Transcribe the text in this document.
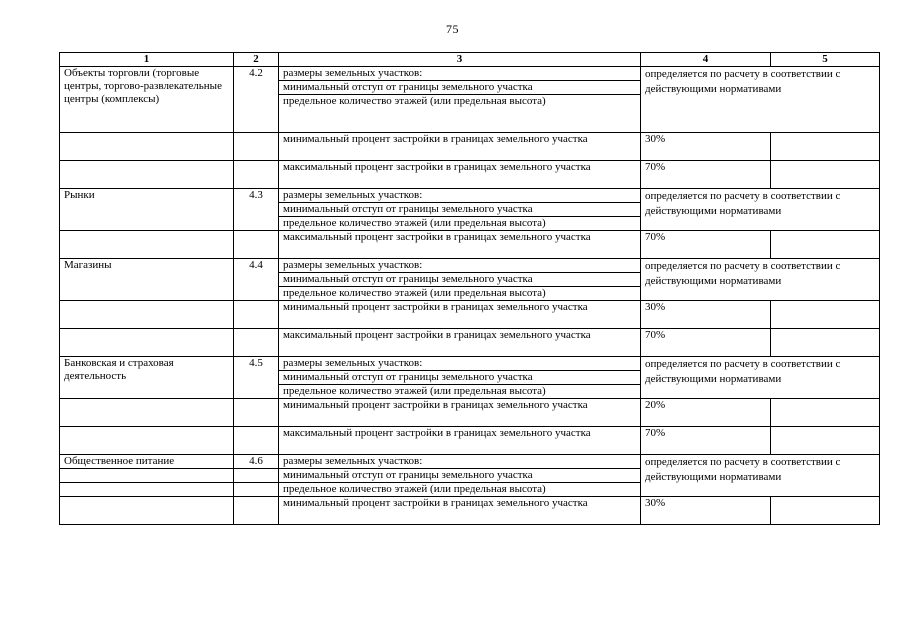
75
1	2	3	4	5
Объекты торговли (торговые центры, торгово-развлекательные центры (комплексы)	4.2	размеры земельных участков:	определяется по расчету в соответствии с действующими нормативами	
		минимальный отступ от границы земельного участка		
		предельное количество этажей (или предельная высота)		
		минимальный процент застройки в границах земельного участка	30%	
		максимальный процент застройки в границах земельного участка	70%	
Рынки	4.3	размеры земельных участков:	определяется по расчету в соответствии с действующими нормативами	
		минимальный отступ от границы земельного участка		
		предельное количество этажей (или предельная высота)		
		максимальный процент застройки в границах земельного участка	70%	
Магазины	4.4	размеры земельных участков:	определяется по расчету в соответствии с действующими нормативами	
		минимальный отступ от границы земельного участка		
		предельное количество этажей (или предельная высота)		
		минимальный процент застройки в границах земельного участка	30%	
		максимальный процент застройки в границах земельного участка	70%	
Банковская и страховая деятельность	4.5	размеры земельных участков:	определяется по расчету в соответствии с действующими нормативами	
		минимальный отступ от границы земельного участка		
		предельное количество этажей (или предельная высота)		
		минимальный процент застройки в границах земельного участка	20%	
		максимальный процент застройки в границах земельного участка	70%	
Общественное питание	4.6	размеры земельных участков:	определяется по расчету в соответствии с действующими нормативами	
		минимальный отступ от границы земельного участка		
		предельное количество этажей (или предельная высота)		
		минимальный процент застройки в границах земельного участка	30%	
